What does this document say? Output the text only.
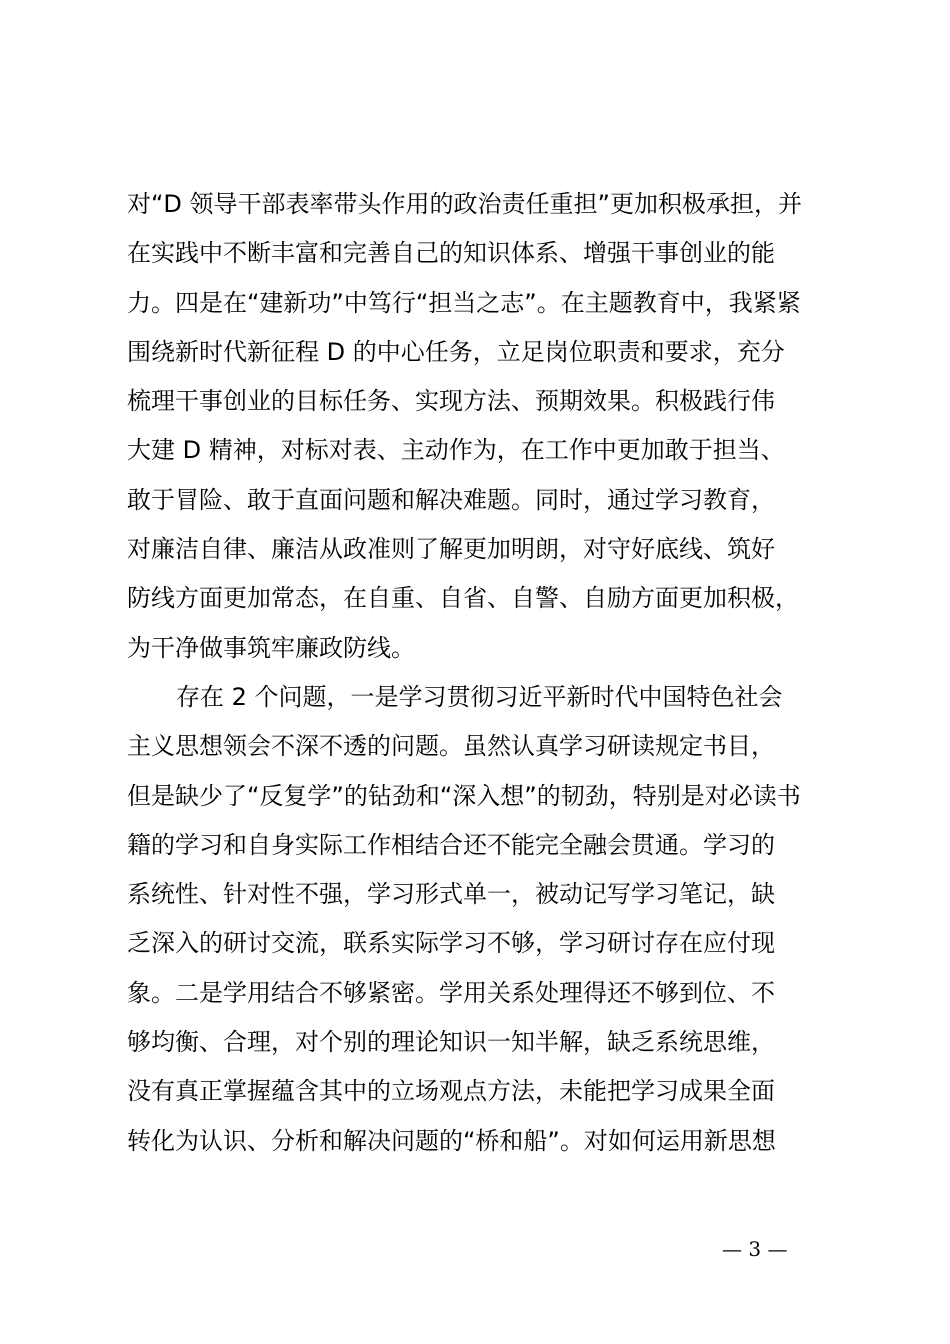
对“D 领导干部表率带头作用的政治责任重担”更加积极承担，并
在实践中不断丰富和完善自己的知识体系、增强干事创业的能
力。四是在“建新功”中笃行“担当之志”。在主题教育中，我紧紧
围绕新时代新征程 D 的中心任务，立足岗位职责和要求，充分
梳理干事创业的目标任务、实现方法、预期效果。积极践行伟
大建 D 精神，对标对表、主动作为，在工作中更加敢于担当、
敢于冒险、敢于直面问题和解决难题。同时，通过学习教育，
对廉洁自律、廉洁从政准则了解更加明朗，对守好底线、筑好
防线方面更加常态，在自重、自省、自警、自励方面更加积极，
为干净做事筑牢廉政防线。
存在 2 个问题，一是学习贯彻习近平新时代中国特色社会
主义思想领会不深不透的问题。虽然认真学习研读规定书目，
但是缺少了“反复学”的钻劲和“深入想”的韧劲，特别是对必读书
籍的学习和自身实际工作相结合还不能完全融会贯通。学习的
系统性、针对性不强，学习形式单一，被动记写学习笔记，缺
乏深入的研讨交流，联系实际学习不够，学习研讨存在应付现
象。二是学用结合不够紧密。学用关系处理得还不够到位、不
够均衡、合理，对个别的理论知识一知半解，缺乏系统思维，
没有真正掌握蕴含其中的立场观点方法，未能把学习成果全面
转化为认识、分析和解决问题的“桥和船”。对如何运用新思想
— 3 —
